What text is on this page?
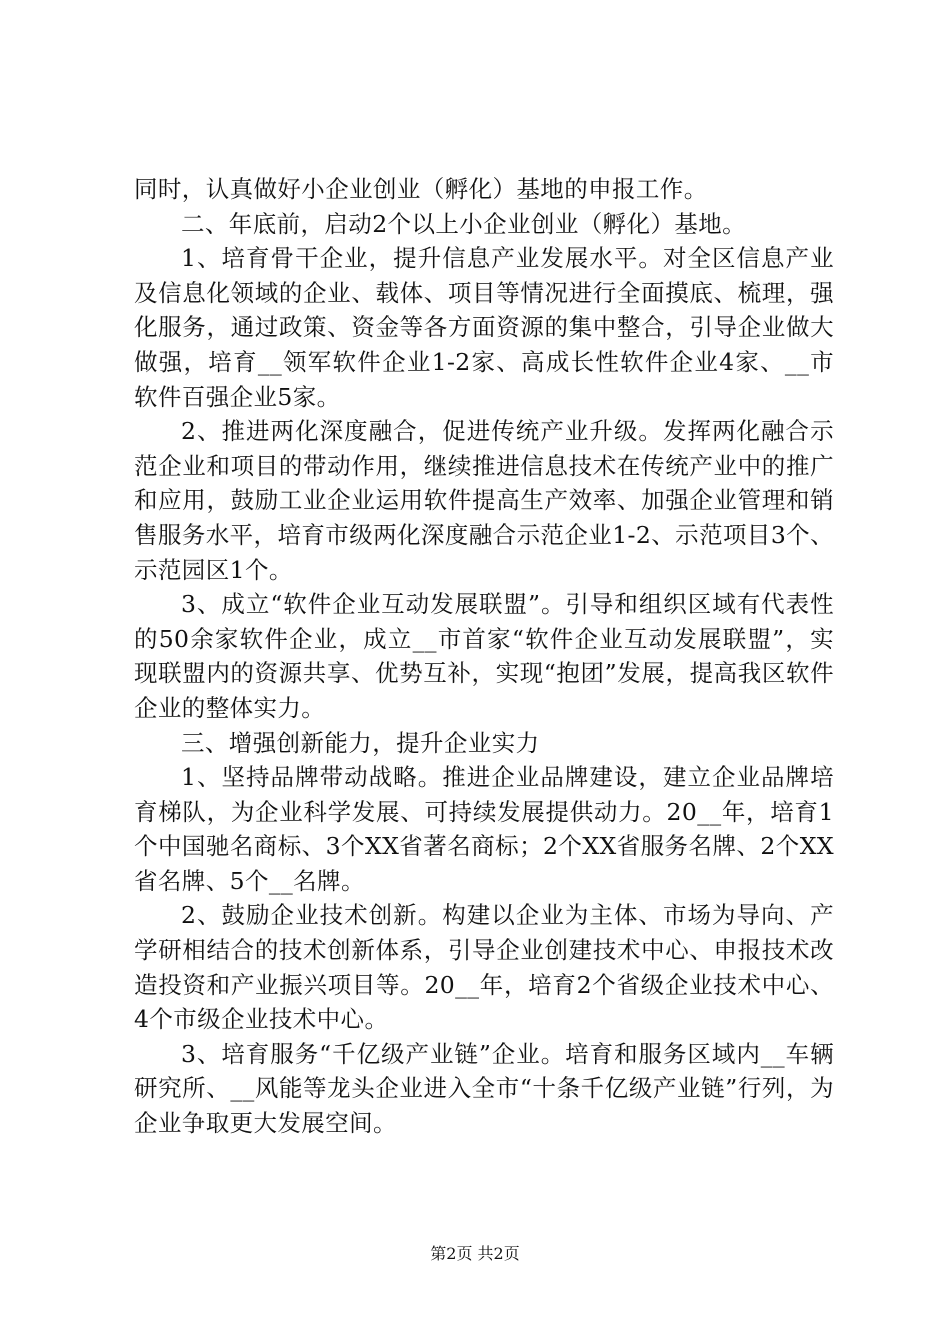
同时，认真做好小企业创业（孵化）基地的申报工作。

二、年底前，启动2个以上小企业创业（孵化）基地。

1、培育骨干企业，提升信息产业发展水平。对全区信息产业及信息化领域的企业、载体、项目等情况进行全面摸底、梳理，强化服务，通过政策、资金等各方面资源的集中整合，引导企业做大做强，培育__领军软件企业1-2家、高成长性软件企业4家、__市软件百强企业5家。

2、推进两化深度融合，促进传统产业升级。发挥两化融合示范企业和项目的带动作用，继续推进信息技术在传统产业中的推广和应用，鼓励工业企业运用软件提高生产效率、加强企业管理和销售服务水平，培育市级两化深度融合示范企业1-2、示范项目3个、示范园区1个。

3、成立“软件企业互动发展联盟”。引导和组织区域有代表性的50余家软件企业，成立__市首家“软件企业互动发展联盟”，实现联盟内的资源共享、优势互补，实现“抱团”发展，提高我区软件企业的整体实力。

三、增强创新能力，提升企业实力

1、坚持品牌带动战略。推进企业品牌建设，建立企业品牌培育梯队，为企业科学发展、可持续发展提供动力。20__年，培育1个中国驰名商标、3个XX省著名商标；2个XX省服务名牌、2个XX省名牌、5个__名牌。

2、鼓励企业技术创新。构建以企业为主体、市场为导向、产学研相结合的技术创新体系，引导企业创建技术中心、申报技术改造投资和产业振兴项目等。20__年，培育2个省级企业技术中心、4个市级企业技术中心。

3、培育服务“千亿级产业链”企业。培育和服务区域内__车辆研究所、__风能等龙头企业进入全市“十条千亿级产业链”行列，为企业争取更大发展空间。

第2页 共2页
